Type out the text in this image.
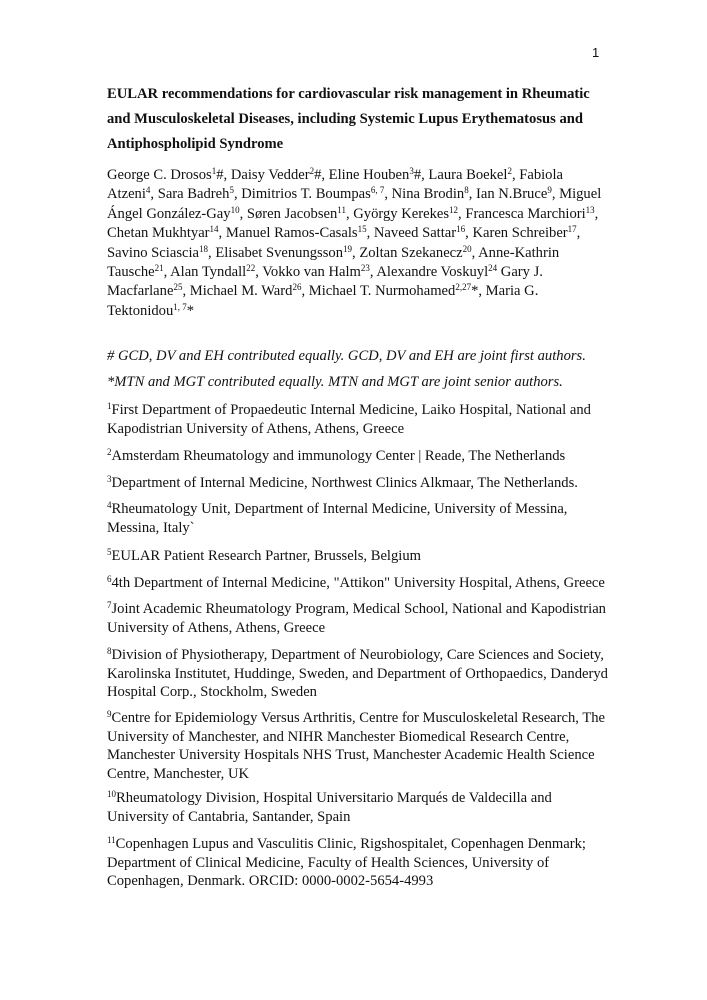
1
EULAR recommendations for cardiovascular risk management in Rheumatic
and Musculoskeletal Diseases, including Systemic Lupus Erythematosus and
Antiphospholipid Syndrome
George C. Drosos$^1$#, Daisy Vedder$^2$#, Eline Houben$^3$#, Laura Boekel$^2$, Fabiola
Atzeni$^4$, Sara Badreh$^5$, Dimitrios T. Boumpas$^{6, 7}$, Nina Brodin$^8$, Ian N.Bruce$^9$, Miguel
Ángel González-Gay$^{10}$, Søren Jacobsen$^{11}$, György Kerekes$^{12}$, Francesca Marchiori$^{13}$,
Chetan Mukhtyar$^{14}$, Manuel Ramos-Casals$^{15}$, Naveed Sattar$^{16}$, Karen Schreiber$^{17}$,
Savino Sciascia$^{18}$, Elisabet Svenungsson$^{19}$, Zoltan Szekanecz$^{20}$, Anne-Kathrin
Tausche$^{21}$, Alan Tyndall$^{22}$, Vokko van Halm$^{23}$, Alexandre Voskuyl$^{24}$ Gary J.
Macfarlane$^{25}$, Michael M. Ward$^{26}$, Michael T. Nurmohamed$^{2,27}$*, Maria G.
Tektonidou$^{1, 7}$*
# GCD, DV and EH contributed equally. GCD, DV and EH are joint first authors.
*MTN and MGT contributed equally. MTN and MGT are joint senior authors.
$^1$First Department of Propaedeutic Internal Medicine, Laiko Hospital, National and
Kapodistrian University of Athens, Athens, Greece
$^2$Amsterdam Rheumatology and immunology Center | Reade, The Netherlands
$^3$Department of Internal Medicine, Northwest Clinics Alkmaar, The Netherlands.
$^4$Rheumatology Unit, Department of Internal Medicine, University of Messina,
Messina, Italy`
$^5$EULAR Patient Research Partner, Brussels, Belgium
$^6$4th Department of Internal Medicine, "Attikon" University Hospital, Athens, Greece
$^7$Joint Academic Rheumatology Program, Medical School, National and Kapodistrian
University of Athens, Athens, Greece
$^8$Division of Physiotherapy, Department of Neurobiology, Care Sciences and Society,
Karolinska Institutet, Huddinge, Sweden, and Department of Orthopaedics, Danderyd
Hospital Corp., Stockholm, Sweden
$^9$Centre for Epidemiology Versus Arthritis, Centre for Musculoskeletal Research, The
University of Manchester, and NIHR Manchester Biomedical Research Centre,
Manchester University Hospitals NHS Trust, Manchester Academic Health Science
Centre, Manchester, UK
$^{10}$Rheumatology Division, Hospital Universitario Marqués de Valdecilla and
University of Cantabria, Santander, Spain
$^{11}$Copenhagen Lupus and Vasculitis Clinic, Rigshospitalet, Copenhagen Denmark;
Department of Clinical Medicine, Faculty of Health Sciences, University of
Copenhagen, Denmark. ORCID: 0000-0002-5654-4993
